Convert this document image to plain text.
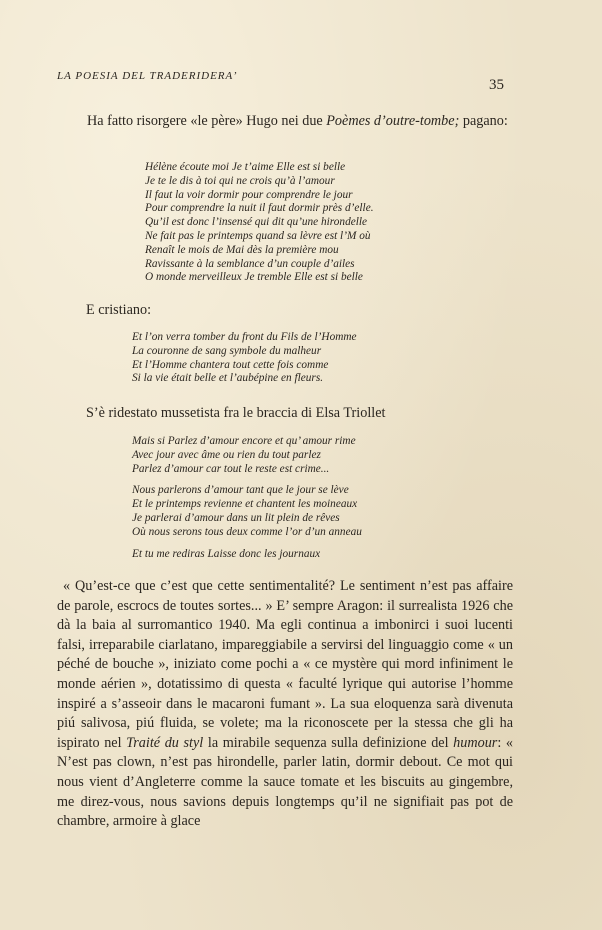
LA POESIA DEL TRADERIDERA’
35

Ha fatto risorgere «le père» Hugo nei due Poèmes d’outre-tombe; pagano:

Hélène écoute moi Je t’aime Elle est si belle
Je te le dis à toi qui ne crois qu’à l’amour
Il faut la voir dormir pour comprendre le jour
Pour comprendre la nuit il faut dormir près d’elle.
Qu’il est donc l’insensé qui dit qu’une hirondelle
Ne fait pas le printemps quand sa lèvre est l’M où
Renaît le mois de Mai dès la première mou
Ravissante à la semblance d’un couple d’ailes
O monde merveilleux Je tremble Elle est si belle
E cristiano:
Et l’on verra tomber du front du Fils de l’Homme
La couronne de sang symbole du malheur
Et l’Homme chantera tout cette fois comme
Si la vie était belle et l’aubépine en fleurs.
S’è ridestato mussetista fra le braccia di Elsa Triollet
Mais si Parlez d’amour encore et qu’ amour rime
Avec jour avec âme ou rien du tout parlez
Parlez d’amour car tout le reste est crime...
Nous parlerons d’amour tant que le jour se lève
Et le printemps revienne et chantent les moineaux
Je parlerai d’amour dans un lit plein de rêves
Où nous serons tous deux comme l’or d’un anneau
Et tu me rediras Laisse donc les journaux

« Qu’est-ce que c’est que cette sentimentalité? Le sentiment n’est pas affaire de parole, escrocs de toutes sortes... » E’ sempre Aragon: il surrealista 1926 che dà la baia al surromantico 1940. Ma egli continua a imbonirci i suoi lucenti falsi, irreparabile ciarlatano, impareggiabile a servirsi del linguaggio come « un péché de bouche », iniziato come pochi a « ce mystère qui mord infiniment le monde aérien », dotatissimo di questa « faculté lyrique qui autorise l’homme inspiré a s’asseoir dans le macaroni fumant ». La sua eloquenza sarà divenuta piú salivosa, piú fluida, se volete; ma la riconoscete per la stessa che gli ha ispirato nel Traité du styl la mirabile sequenza sulla definizione del humour: « N’est pas clown, n’est pas hirondelle, parler latin, dormir debout. Ce mot qui nous vient d’Angleterre comme la sauce tomate et les biscuits au gingembre, me direz-vous, nous savions depuis longtemps qu’il ne signifiait pas pot de chambre, armoire à glace
